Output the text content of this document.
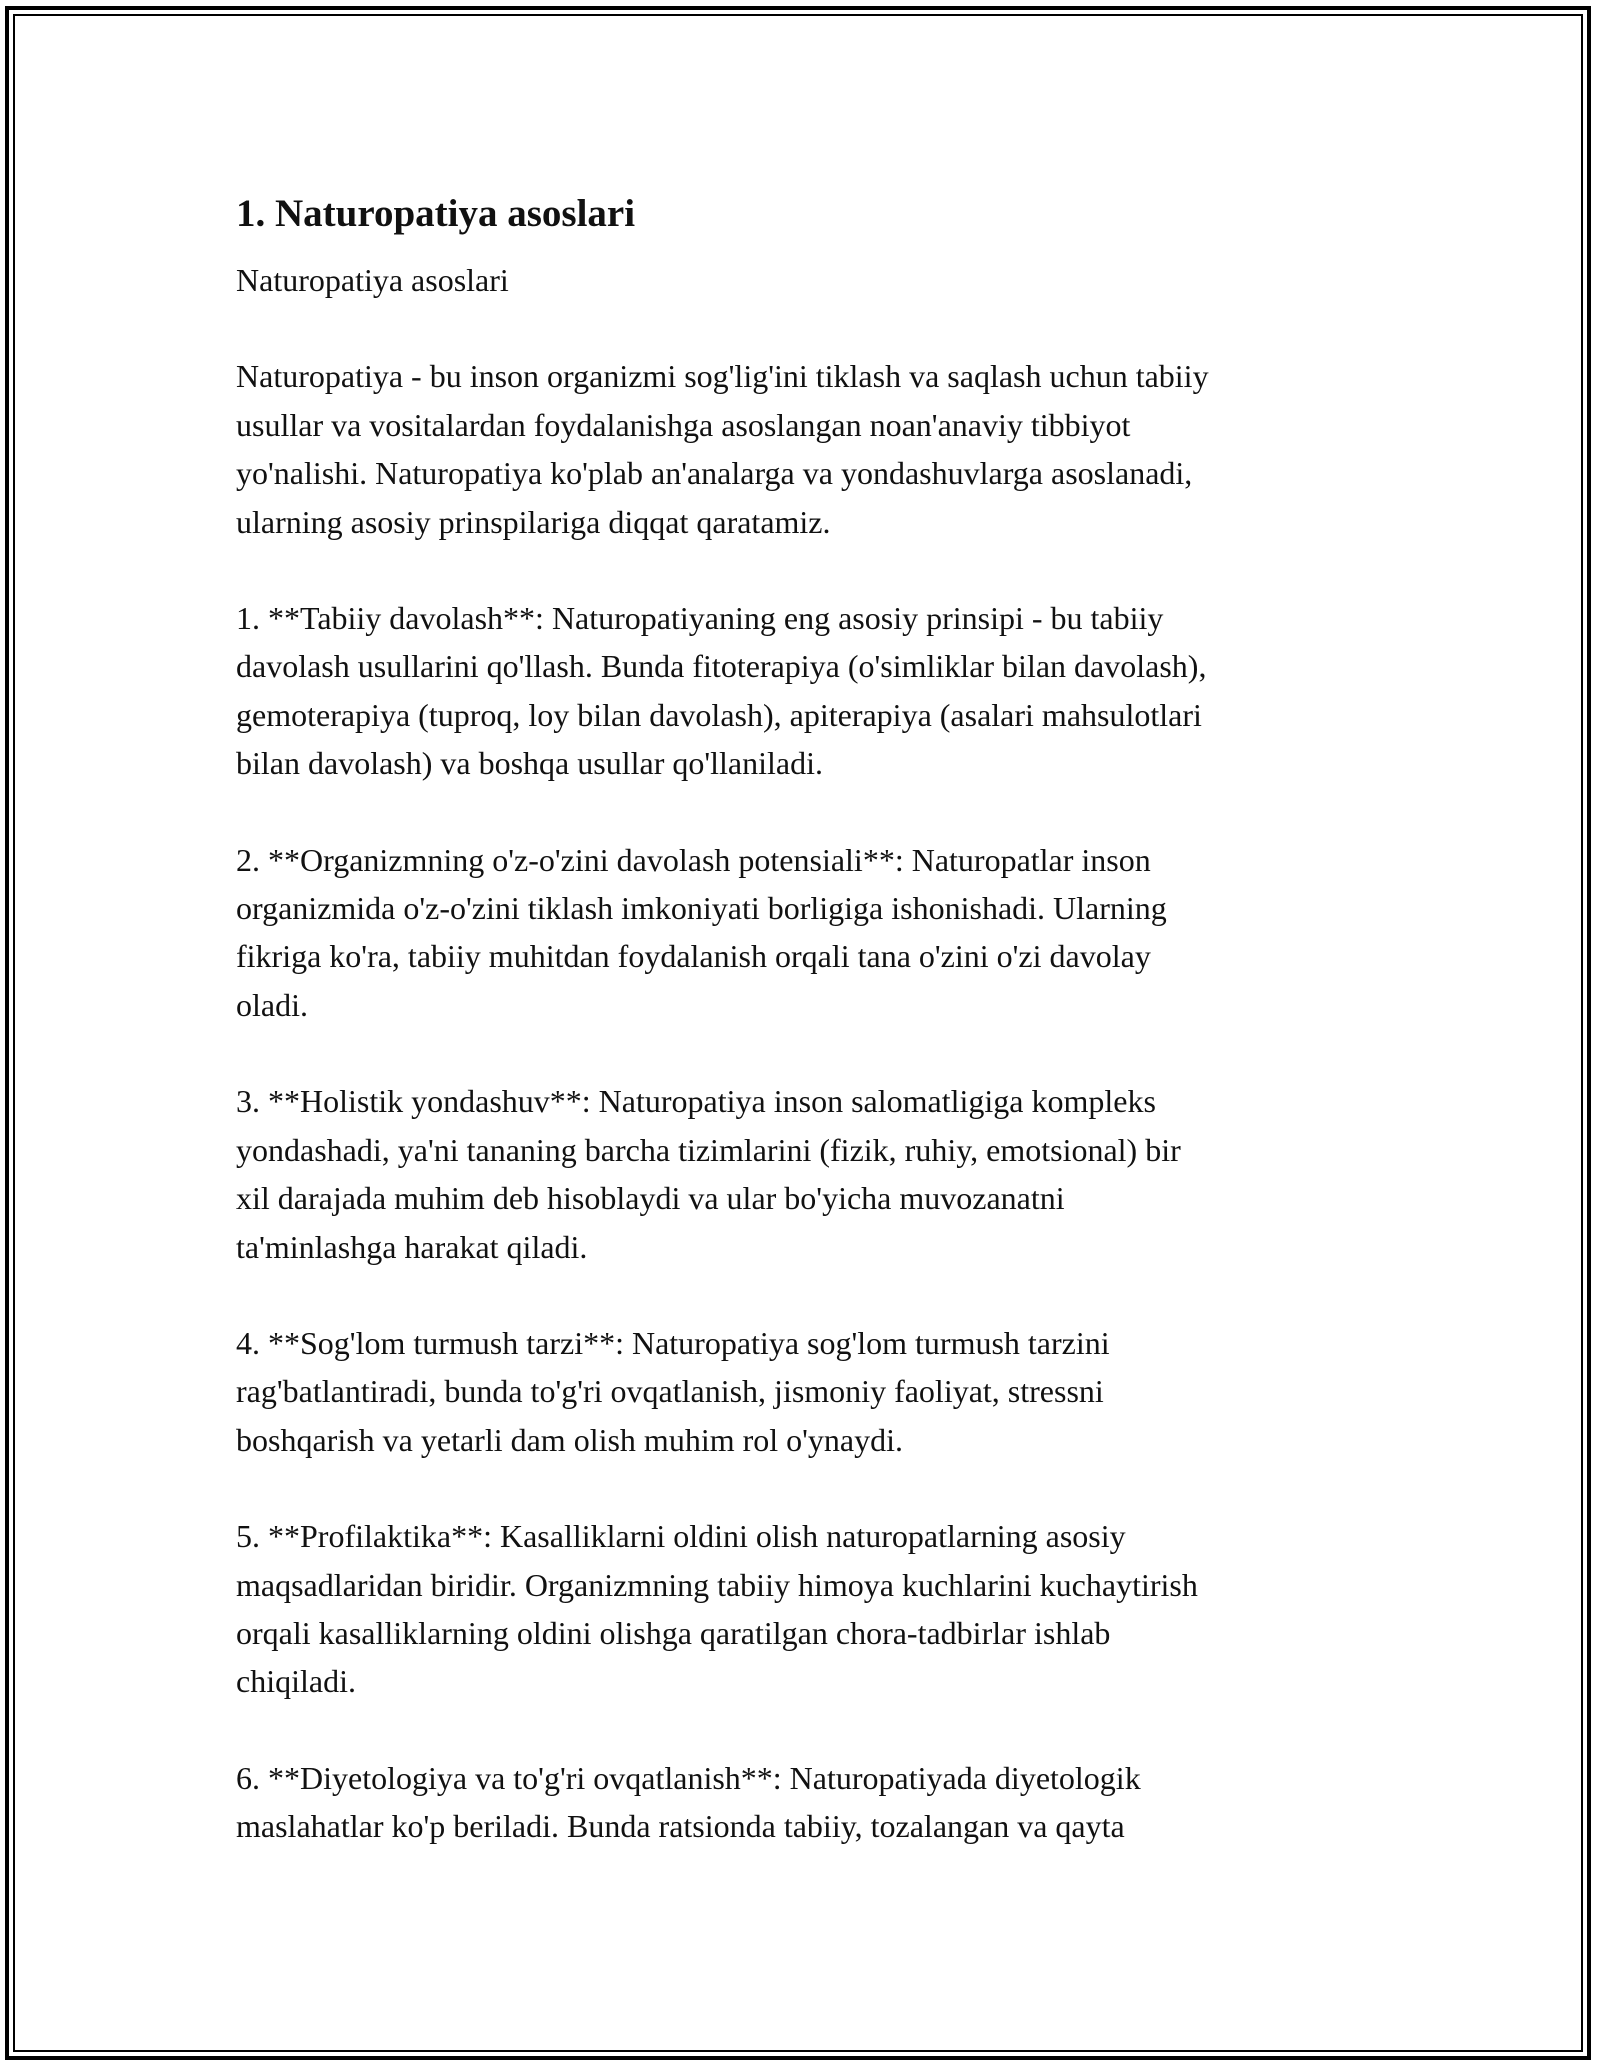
1. Naturopatiya asoslari

Naturopatiya asoslari

Naturopatiya - bu inson organizmi sog'lig'ini tiklash va saqlash uchun tabiiy
usullar va vositalardan foydalanishga asoslangan noan'anaviy tibbiyot
yo'nalishi. Naturopatiya ko'plab an'analarga va yondashuvlarga asoslanadi,
ularning asosiy prinspilariga diqqat qaratamiz.

1. **Tabiiy davolash**: Naturopatiyaning eng asosiy prinsipi - bu tabiiy
davolash usullarini qo'llash. Bunda fitoterapiya (o'simliklar bilan davolash),
gemoterapiya (tuproq, loy bilan davolash), apiterapiya (asalari mahsulotlari
bilan davolash) va boshqa usullar qo'llaniladi.

2. **Organizmning o'z-o'zini davolash potensiali**: Naturopatlar inson
organizmida o'z-o'zini tiklash imkoniyati borligiga ishonishadi. Ularning
fikriga ko'ra, tabiiy muhitdan foydalanish orqali tana o'zini o'zi davolay
oladi.

3. **Holistik yondashuv**: Naturopatiya inson salomatligiga kompleks
yondashadi, ya'ni tananing barcha tizimlarini (fizik, ruhiy, emotsional) bir
xil darajada muhim deb hisoblaydi va ular bo'yicha muvozanatni
ta'minlashga harakat qiladi.

4. **Sog'lom turmush tarzi**: Naturopatiya sog'lom turmush tarzini
rag'batlantiradi, bunda to'g'ri ovqatlanish, jismoniy faoliyat, stressni
boshqarish va yetarli dam olish muhim rol o'ynaydi.

5. **Profilaktika**: Kasalliklarni oldini olish naturopatlarning asosiy
maqsadlaridan biridir. Organizmning tabiiy himoya kuchlarini kuchaytirish
orqali kasalliklarning oldini olishga qaratilgan chora-tadbirlar ishlab
chiqiladi.

6. **Diyetologiya va to'g'ri ovqatlanish**: Naturopatiyada diyetologik
maslahatlar ko'p beriladi. Bunda ratsionda tabiiy, tozalangan va qayta
